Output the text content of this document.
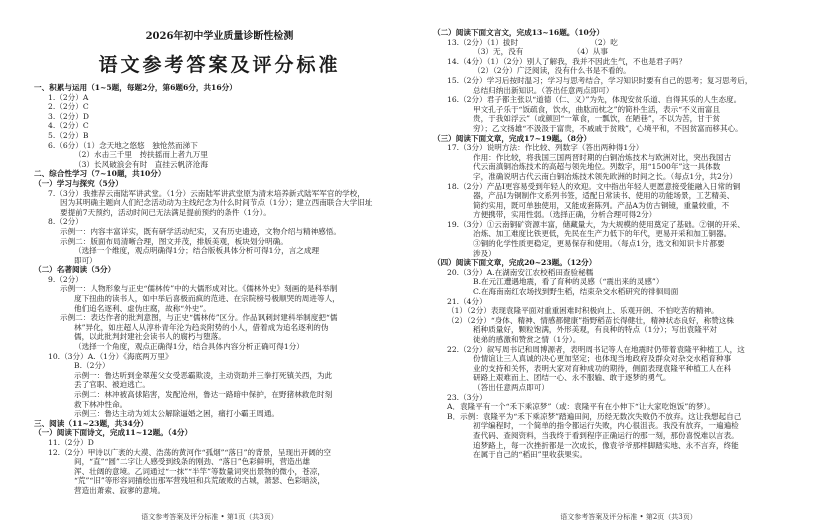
2026年初中学业质量诊断性检测
语文参考答案及评分标准
一、积累与运用（1~5题，每题2分，第6题6分，共16分）
1.（2分）A
2.（2分）C
3.（2分）D
4.（2分）C
5.（2分）B
6.（6分）（1）念天地之悠悠　独怆然而涕下
（2）水击三千里　抟扶摇而上者九万里
（3）长风破浪会有时　直挂云帆济沧海
二、综合性学习（7~10题，共10分）
（一）学习与探究（5分）
7.（3分）我推荐云南陆军讲武堂。（1分）云南陆军讲武堂原为清末培养新式陆军军官的学校，
因为其明确主题向人们纪念活动动为主线纪念为什么时间节点（1分）；建立西南联合大学旧址
要提前7天预约，活动时间已无法满足提前预约的条件（1分）。
8.（2分）
示例一：内容丰富详实，既有研学活动纪实，又有历史遗迹，文物介绍与精神感悟。
示例二：版面布局清晰合理，图文并茂，排版美观，板块划分明确。
（选择一个维度，观点明确得1分；结合版板具体分析可得1分，言之成理
即可）
（二）名著阅读（5分）
9.（2分）
示例一：人物形象与正史“儒林传”中的大儒形成对比。《儒林外史》刻画的是科举制
度下扭曲的读书人，如中举后喜极而疯的范进、在宗院榜号极顺哭的周进等人，
他们追名逐利、虚伪庄腐，故称“外史”。
示例二：表达作者的批判意图，与正史“儒林传”区分。作品讽刺封建科举制度把“儒
林”异化，如庄超人从淳朴青年沦为趋炎附势的小人，借着成为追名逐利的伪
儒，以此批判封建社会读书人的腐朽与堕落。
（选择一个角度，观点正确得1分，结合具体内容分析正确可得1分）
10.（3分）A.（1分）《海底两万里》
B.（2分）
示例一：鲁达听到金翠莲父女受恶霸欺凌，主动资助并三拳打死镇关西，为此
丢了官职、被迫逃亡。
示例二：林冲被高俅陷害，发配沧州，鲁达一路暗中保护，在野猪林救危时刻
救下林冲性命。
示例三：鲁达主动为刘太公解除逼婚之困，痛打小霸王周通。
三、阅读（11~23题，共34分）
（一）阅读下面诗文，完成11~12题。（4分）
11.（2分）D
12.（2分）甲诗以广袤的大漠、浩荡的黄河作“孤烟”“落日”的背景，呈现出开阔的空
间，“直”“圆”二字让人感受到线条的刚劲、“落日”色彩鲜明，营造出雄
浑、壮阔的意境。乙词通过“一抹”“半竿”等数量词突出景物的微小，苍凉，
“荒”“旧”等形容词描绘出那军营残垣和兵荒破败的古城，萧瑟、色彩暗淡，
营造出萧索、寂寥的意境。
语文参考答案及评分标准 • 第1页（共3页）
（二）阅读下面文言文，完成13~16题。（10分）
13.（2分）（1）拔时　　　　　　　　　　（2）吃
（3）无，没有　　　　　　　（4）从事
14.（4分）（1）（2分）别人了解我，我并不因此生气，不也是君子吗？
（2）（2分）广泛阅读，没有什么书是不看的。
15.（2分）学习后按时温习；学习与思考结合，学习知识时要有自己的思考；复习思考后，
总结归纳出新知识。（答出任意两点即可）
16.（2分）君子都主张以“道德（仁、义）”为先，体现安贫乐道、自得其乐的人生态度。
甲文孔子乐于“饭疏食，饮水，曲肱而枕之”的简朴生活，表示“不义而富且
贵，于我如浮云”（或颜回“一箪食，一瓢饮，在陋巷”，不以为苦，甘于贫
穷）；乙文扬雄“不汲汲于富贵，不戚戚于贫贱”，心境平和，不因贫富而移其心。
（三）阅读下面文章，完成17~19题。（8分）
17.（3分）说明方法：作比较、列数字（答出两种得1分）
作用：作比较，将我国三国两晋时期的白铜冶炼技术与欧洲对比，突出我国古
代云南滇铜冶炼技术的高超与领先地位。列数字，用“1500年”这一具体数
字，准确说明古代云南白铜冶炼技术领先欧洲的时间之长。（每点1分，共2分）
18.（2分）产品Ⅰ更容易受到年轻人的欢迎。文中指出年轻人更愿意接受能融入日常的铜
器，产品Ⅰ为铜制作文系列书签，适配日常读书、使用的功能场景，工艺精美、
简约实用，既可单独使用，又能成套陈列。产品A为仿古铜镜，重量较重，不
方便携带，实用性弱。（选择正确，分析合理可得2分）
19.（3分）①云南铜矿资源丰富，储藏量大，为大规模的使用奠定了基础。②铜的开采、
冶炼、加工难度比铁更低，先民在生产力低下的年代，更易开采和加工铜器。
③铜的化学性质更稳定，更易保存和使用。（每点1分，选文和知识卡片都要
涉及）
（四）阅读下面文章，完成20~23题。（12分）
20.（3分）A.在湖南安江农校稻田查验秘糯
B.在元江遭遇地震，看了育种的灵感（“震出来的灵感”）
C.在海南南红农场找到野生稻，结束杂交水稻研究的徘徊局面
21.（4分）
（1）（2分）表现袁隆平面对重重困难时积极向上、乐观开朗、不怕吃苦的精神。
（2）（2分）“身体、精神、情感都健康”指野稻苗长得健壮，精神状态良好，称赞这株
稻种质量好，颗粒饱满，外形美观，有良种的特点（1分）；写出袁隆平对
徒弟的感激和赞赏之情（1分）。
22.（2分）叙写周书记和周博源者，表明周书记等人在地震时仍带着袁隆平种植工人，这
份情谊让三人真诚的决心更加坚定；也体现当地政府及群众对杂交水稻育种事
业的支持和关怀，表明大家对育种成功的期待，侧面表现袁隆平种植工人在科
研路上艰难而上、团结一心、永不服输、敢于逐梦的勇气。
（答出任意两点即可）
23.（3分）
A．袁隆平有一个“禾下乘凉梦”（或：袁隆平有在小伸下“让大家吃饱饭”的梦）。
B．示例：袁隆平为“禾下乘凉梦”踏遍田间，历经无数次失败仍不放弃。这让我想起自己
初学编程时，一个简单的指令都运行失败，内心很沮丧。我没有放弃，一遍遍检
查代码、查阅资料，当我终于看到程序正确运行的那一刻，那份喜悦难以言表。
追梦路上，每一次挫折都是一次成长，像袁爷爷那样脚踏实地、永不言弃，终能
在属于自己的“稻田”里收获果实。
语文参考答案及评分标准 • 第2页（共3页）
